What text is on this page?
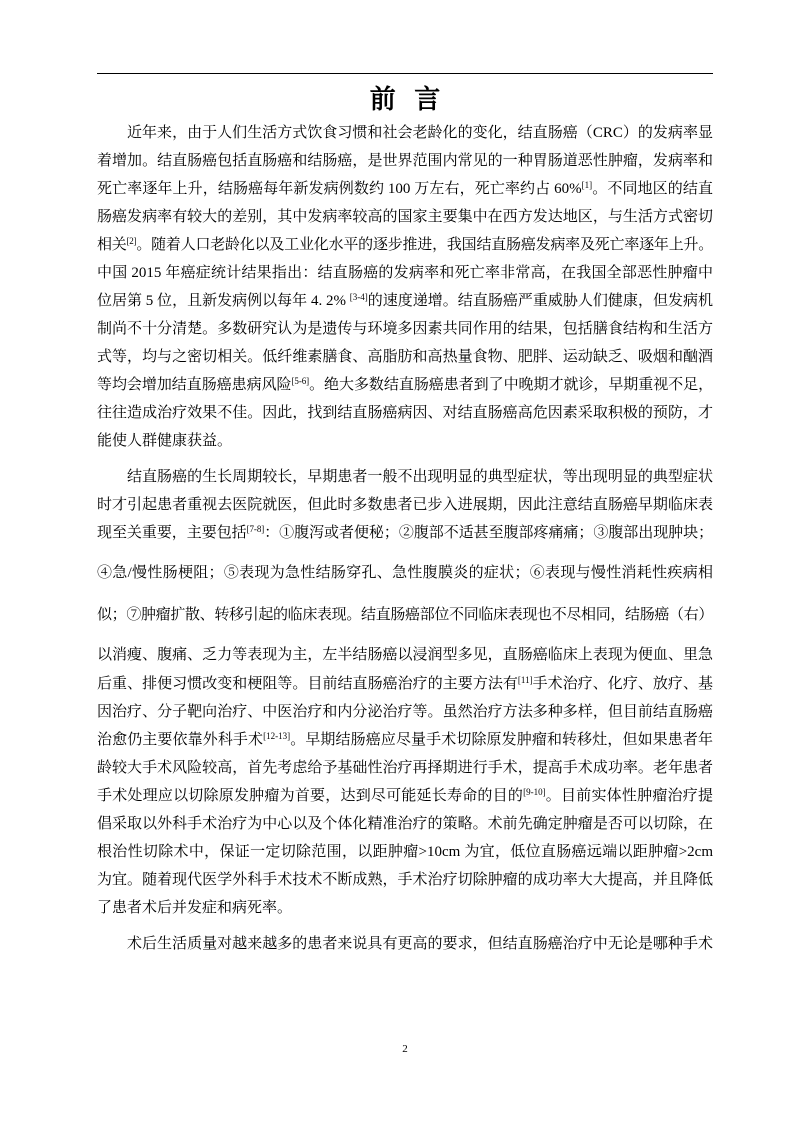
前 言
近年来，由于人们生活方式饮食习惯和社会老龄化的变化，结直肠癌（CRC）的发病率显
着增加。结直肠癌包括直肠癌和结肠癌，是世界范围内常见的一种胃肠道恶性肿瘤，发病率和
死亡率逐年上升，结肠癌每年新发病例数约 100 万左右，死亡率约占 60%[1]。不同地区的结直
肠癌发病率有较大的差别，其中发病率较高的国家主要集中在西方发达地区，与生活方式密切
相关[2]。随着人口老龄化以及工业化水平的逐步推进，我国结直肠癌发病率及死亡率逐年上升。
中国 2015 年癌症统计结果指出：结直肠癌的发病率和死亡率非常高，在我国全部恶性肿瘤中
位居第 5 位，且新发病例以每年 4. 2% [3-4]的速度递增。结直肠癌严重威胁人们健康，但发病机
制尚不十分清楚。多数研究认为是遗传与环境多因素共同作用的结果，包括膳食结构和生活方
式等，均与之密切相关。低纤维素膳食、高脂肪和高热量食物、肥胖、运动缺乏、吸烟和酗酒
等均会增加结直肠癌患病风险[5-6]。绝大多数结直肠癌患者到了中晚期才就诊，早期重视不足，
往往造成治疗效果不佳。因此，找到结直肠癌病因、对结直肠癌高危因素采取积极的预防，才
能使人群健康获益。
结直肠癌的生长周期较长，早期患者一般不出现明显的典型症状，等出现明显的典型症状
时才引起患者重视去医院就医，但此时多数患者已步入进展期，因此注意结直肠癌早期临床表
现至关重要，主要包括[7-8]：①腹泻或者便秘；②腹部不适甚至腹部疼痛痛；③腹部出现肿块；
④急/慢性肠梗阻；⑤表现为急性结肠穿孔、急性腹膜炎的症状；⑥表现与慢性消耗性疾病相
似；⑦肿瘤扩散、转移引起的临床表现。结直肠癌部位不同临床表现也不尽相同，结肠癌（右）
以消瘦、腹痛、乏力等表现为主，左半结肠癌以浸润型多见，直肠癌临床上表现为便血、里急
后重、排便习惯改变和梗阻等。目前结直肠癌治疗的主要方法有[11]手术治疗、化疗、放疗、基
因治疗、分子靶向治疗、中医治疗和内分泌治疗等。虽然治疗方法多种多样，但目前结直肠癌
治愈仍主要依靠外科手术[12-13]。早期结肠癌应尽量手术切除原发肿瘤和转移灶，但如果患者年
龄较大手术风险较高，首先考虑给予基础性治疗再择期进行手术，提高手术成功率。老年患者
手术处理应以切除原发肿瘤为首要，达到尽可能延长寿命的目的[9-10]。目前实体性肿瘤治疗提
倡采取以外科手术治疗为中心以及个体化精准治疗的策略。术前先确定肿瘤是否可以切除，在
根治性切除术中，保证一定切除范围，以距肿瘤>10cm 为宜，低位直肠癌远端以距肿瘤>2cm
为宜。随着现代医学外科手术技术不断成熟，手术治疗切除肿瘤的成功率大大提高，并且降低
了患者术后并发症和病死率。
术后生活质量对越来越多的患者来说具有更高的要求，但结直肠癌治疗中无论是哪种手术
2
